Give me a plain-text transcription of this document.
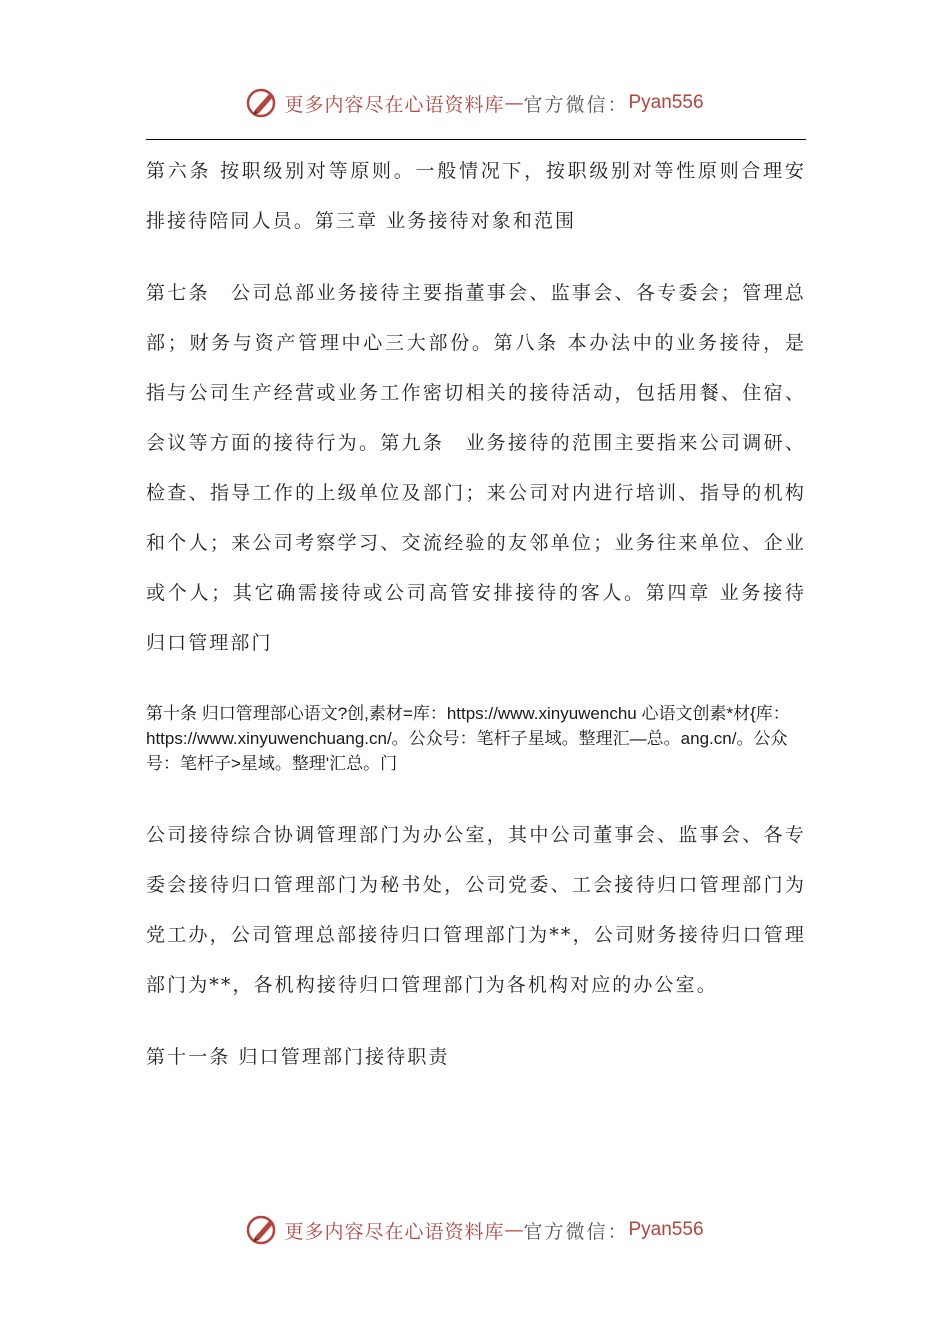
更多内容尽在心语资料库 — 官方微信： Pyan556

第六条 按职级别对等原则。一般情况下，按职级别对等性原则合理安排接待陪同人员。第三章 业务接待对象和范围

第七条　公司总部业务接待主要指董事会、监事会、各专委会；管理总部；财务与资产管理中心三大部份。第八条 本办法中的业务接待，是指与公司生产经营或业务工作密切相关的接待活动，包括用餐、住宿、会议等方面的接待行为。第九条　业务接待的范围主要指来公司调研、检查、指导工作的上级单位及部门；来公司对内进行培训、指导的机构和个人；来公司考察学习、交流经验的友邻单位；业务往来单位、企业或个人；其它确需接待或公司高管安排接待的客人。第四章 业务接待归口管理部门

第十条 归口管理部心语文?创,素材=库：https://www.xinyuwenchu 心语文创素*材{库：https://www.xinyuwenchuang.cn/。公众号：笔杆子星域。整理汇—总。ang.cn/。公众号：笔杆子>星域。整理'汇总。门

公司接待综合协调管理部门为办公室，其中公司董事会、监事会、各专委会接待归口管理部门为秘书处，公司党委、工会接待归口管理部门为党工办，公司管理总部接待归口管理部门为**，公司财务接待归口管理部门为**，各机构接待归口管理部门为各机构对应的办公室。

第十一条 归口管理部门接待职责

更多内容尽在心语资料库 — 官方微信： Pyan556
